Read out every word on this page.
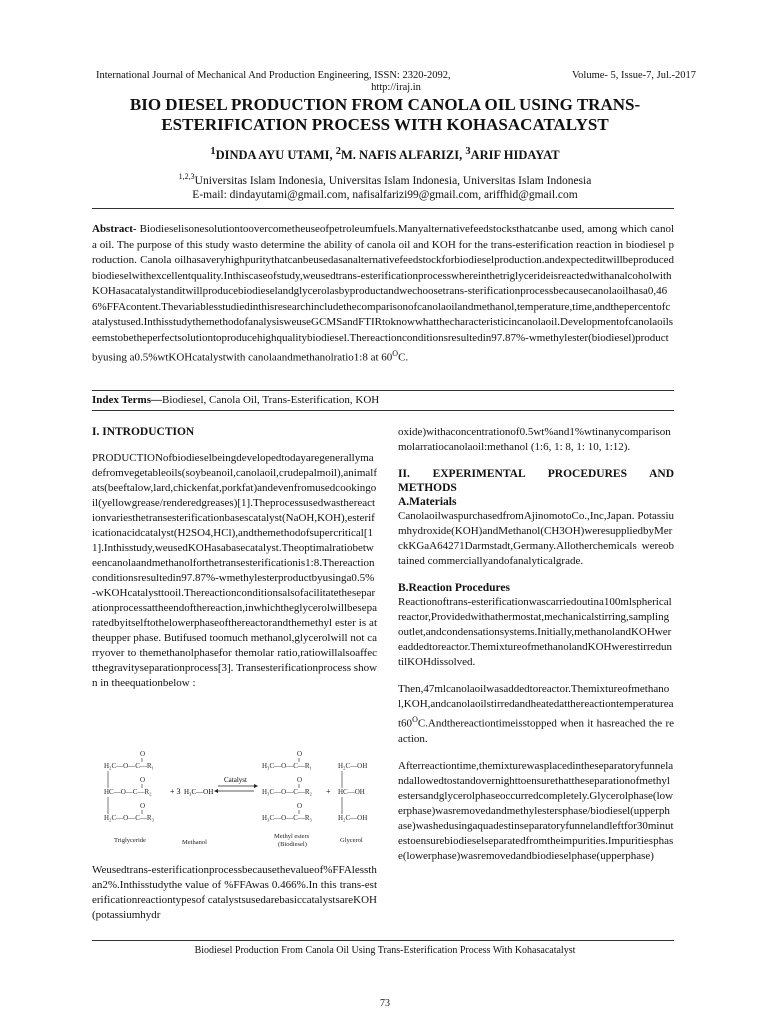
International Journal of Mechanical And Production Engineering, ISSN: 2320-2092,	Volume- 5, Issue-7, Jul.-2017
http://iraj.in
BIO DIESEL PRODUCTION FROM CANOLA OIL USING TRANS-ESTERIFICATION PROCESS WITH KOHASACATALYST
$^1$DINDA AYU UTAMI, $^2$M. NAFIS ALFARIZI, $^3$ARIF HIDAYAT
$^{1,2,3}$Universitas Islam Indonesia, Universitas Islam Indonesia, Universitas Islam Indonesia
E-mail: dindayutami@gmail.com, nafisalfarizi99@gmail.com, ariffhid@gmail.com
Abstract- Biodieselisonesolutiontoovercometheuseofpetroleumfuels.Manyalternativefeedstocksthatcanbe used, among which canola oil. The purpose of this study wasto determine the ability of canola oil and KOH for the trans-esterification reaction in biodiesel production. Canola oilhasaveryhighpuritythatcanbeusedasanalternativefeedstockforbiodieselproduction.andexpecteditwillbeproducedbiodieselwithexcellentquality.Inthiscaseofstudy,weusedtrans-esterificationprocesswhereinthetriglycerideisreactedwithanalcoholwithKOHasacatalystanditwillproducebiodieselandglycerolasbyproductandwechoosetrans-sterificationprocessbecausecanolaoilhasa0,466%FFAcontent.Thevariablesstudiedinthisresearchincludethecomparisonofcanolaoilandmethanol,temperature,time,andthepercentofcatalystused.InthisstudythemethodofanalysisweuseGCMSandFTIRtoknowwhatthecharacteristicincanolaoil.Developmentofcanolaoilseemstobetheperfectsolutiontoproducehighqualitybiodiesel.Thereactionconditionsresultedin97.87%-wmethylester(biodiesel)productbyusing a0.5%wtKOHcatalystwith canolaandmethanolratio1:8 at $60^OC$.
Index Terms—Biodiesel, Canola Oil, Trans-Esterification, KOH
I. INTRODUCTION

PRODUCTIONofbiodieselbeingdevelopedtodayaregenerallymadefromvegetableoils(soybeanoil,canolaoil,crudepalmoil),animalfats(beeftalow,lard,chickenfat,porkfat)andevenfromusedcookingoil(yellowgrease/renderedgreases)[1].Theprocessusedwasthereactionvariesthetransesterificationbasescatalyst(NaOH,KOH),esterificationacidcatalyst(H2SO4,HCl),andthemethodofsupercritical[11].Inthisstudy,weusedKOHasabasecatalyst.Theoptimalratiobetweencanolaandmethanolforthetransesterificationis1:8.Thereactionconditionsresultedin97.87%-wmethylesterproductbyusinga0.5%-wKOHcatalysttooil.Thereactionconditionsalsofacilitatetheseparationprocessattheendofthereaction,inwhichtheglycerolwillbeseparatedbyitselftothelowerphaseofthereactorandthemethyl ester is at theupper phase. Butifused toomuch methanol,glycerolwill not carryover to themethanolphasefor themolar ratio,ratiowillalsoaffectthegravityseparationprocess[3]. Transesterificationprocess shown in theequationbelow :

Weusedtrans-esterificationprocessbecausethevalueof%FFAlessthan2%.Inthisstudythe value of %FFAwas 0.466%.In this trans-esterificationreactiontypesof catalystsusedarebasiccatalystsareKOH(potassiumhydr

H₂C—O—C—R₁
HC—O—C—R₂
H₂C—O—C—R₃
O
O
O
+ 3 H₃C—OH
Catalyst
H₃C—O—C—R₁
H₃C—O—C—R₂
H₃C—O—C—R₃
O
O
O
+
H₂C—OH
HC—OH
H₂C—OH
Triglyceride	Methanol
Methyl esters
(Biodiesel)
Glycerol

oxide)withaconcentrationof0.5wt%and1%wtinanycomparisonmolarratiocanolaoil:methanol (1:6, 1: 8, 1: 10, 1:12).

II. EXPERIMENTAL PROCEDURES AND METHODS
A.Materials

CanolaoilwaspurchasedfromAjinomotoCo.,Inc,Japan. Potassiumhydroxide(KOH)andMethanol(CH3OH)weresuppliedbyMerckKGaA64271Darmstadt,Germany.Allotherchemicals wereobtained commerciallyandofanalyticalgrade.

B.Reaction Procedures

Reactionoftrans-esterificationwascarriedoutina100mlsphericalreactor,Providedwithathermostat,mechanicalstirring,samplingoutlet,andcondensationsystems.Initially,methanolandKOHwereaddedtoreactor.ThemixtureofmethanolandKOHwerestirreduntilKOHdissolved.

$Then,47mlcanolaoilwasaddedtoreactor.Themixtureofmethanol,KOH,andcanolaoilstirredandheatedatthereactiontemperatureat60^OC$.Andthereactiontimeisstopped when it hasreached the reaction.

Afterreactiontime,themixturewasplacedintheseparatoryfunnelandallowedtostandovernighttoensurethattheseparationofmethylestersandglycerolphaseoccurredcompletely.Glycerolphase(lowerphase)wasremovedandmethylestersphase/biodiesel(upperphase)washedusingaquadestinseparatoryfunnelandleftfor30minutestoensurebiodieselseparatedfromtheimpurities.Impuritiesphase(lowerphase)wasremovedandbiodieselphase(upperphase)

Biodiesel Production From Canola Oil Using Trans-Esterification Process With Kohasacatalyst
73
